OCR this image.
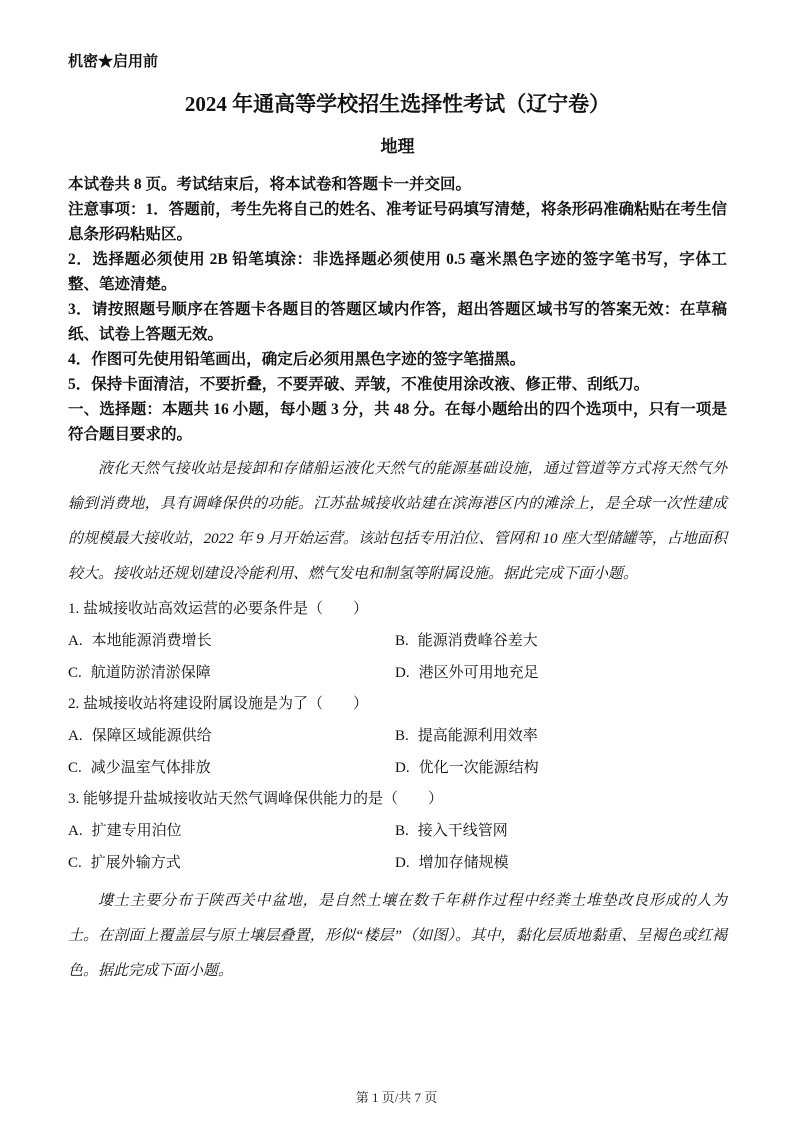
机密★启用前
2024 年通高等学校招生选择性考试（辽宁卷）
地理

本试卷共 8 页。考试结束后，将本试卷和答题卡一并交回。

注意事项：1．答题前，考生先将自己的姓名、准考证号码填写清楚，将条形码准确粘贴在考生信息条形码粘贴区。

2．选择题必须使用 2B 铅笔填涂：非选择题必须使用 0.5 毫米黑色字迹的签字笔书写，字体工整、笔迹清楚。

3．请按照题号顺序在答题卡各题目的答题区域内作答，超出答题区域书写的答案无效：在草稿纸、试卷上答题无效。

4．作图可先使用铅笔画出，确定后必须用黑色字迹的签字笔描黑。

5．保持卡面清洁，不要折叠，不要弄破、弄皱，不准使用涂改液、修正带、刮纸刀。

一、选择题：本题共 16 小题，每小题 3 分，共 48 分。在每小题给出的四个选项中，只有一项是符合题目要求的。

液化天然气接收站是接卸和存储船运液化天然气的能源基础设施，通过管道等方式将天然气外输到消费地，具有调峰保供的功能。江苏盐城接收站建在滨海港区内的滩涂上，是全球一次性建成的规模最大接收站，2022 年 9 月开始运营。该站包括专用泊位、管网和 10 座大型储罐等，占地面积较大。接收站还规划建设冷能利用、燃气发电和制氢等附属设施。据此完成下面小题。

1. 盐城接收站高效运营的必要条件是（　　）

A. 本地能源消费增长	B. 能源消费峰谷差大
C. 航道防淤清淤保障	D. 港区外可用地充足

2. 盐城接收站将建设附属设施是为了（　　）

A. 保障区域能源供给	B. 提高能源利用效率
C. 减少温室气体排放	D. 优化一次能源结构

3. 能够提升盐城接收站天然气调峰保供能力的是（　　）

A. 扩建专用泊位	B. 接入干线管网
C. 扩展外输方式	D. 增加存储规模

塿土主要分布于陕西关中盆地，是自然土壤在数千年耕作过程中经粪土堆垫改良形成的人为土。在剖面上覆盖层与原土壤层叠置，形似“楼层”（如图）。其中，黏化层质地黏重、呈褐色或红褐色。据此完成下面小题。

第 1 页/共 7 页
